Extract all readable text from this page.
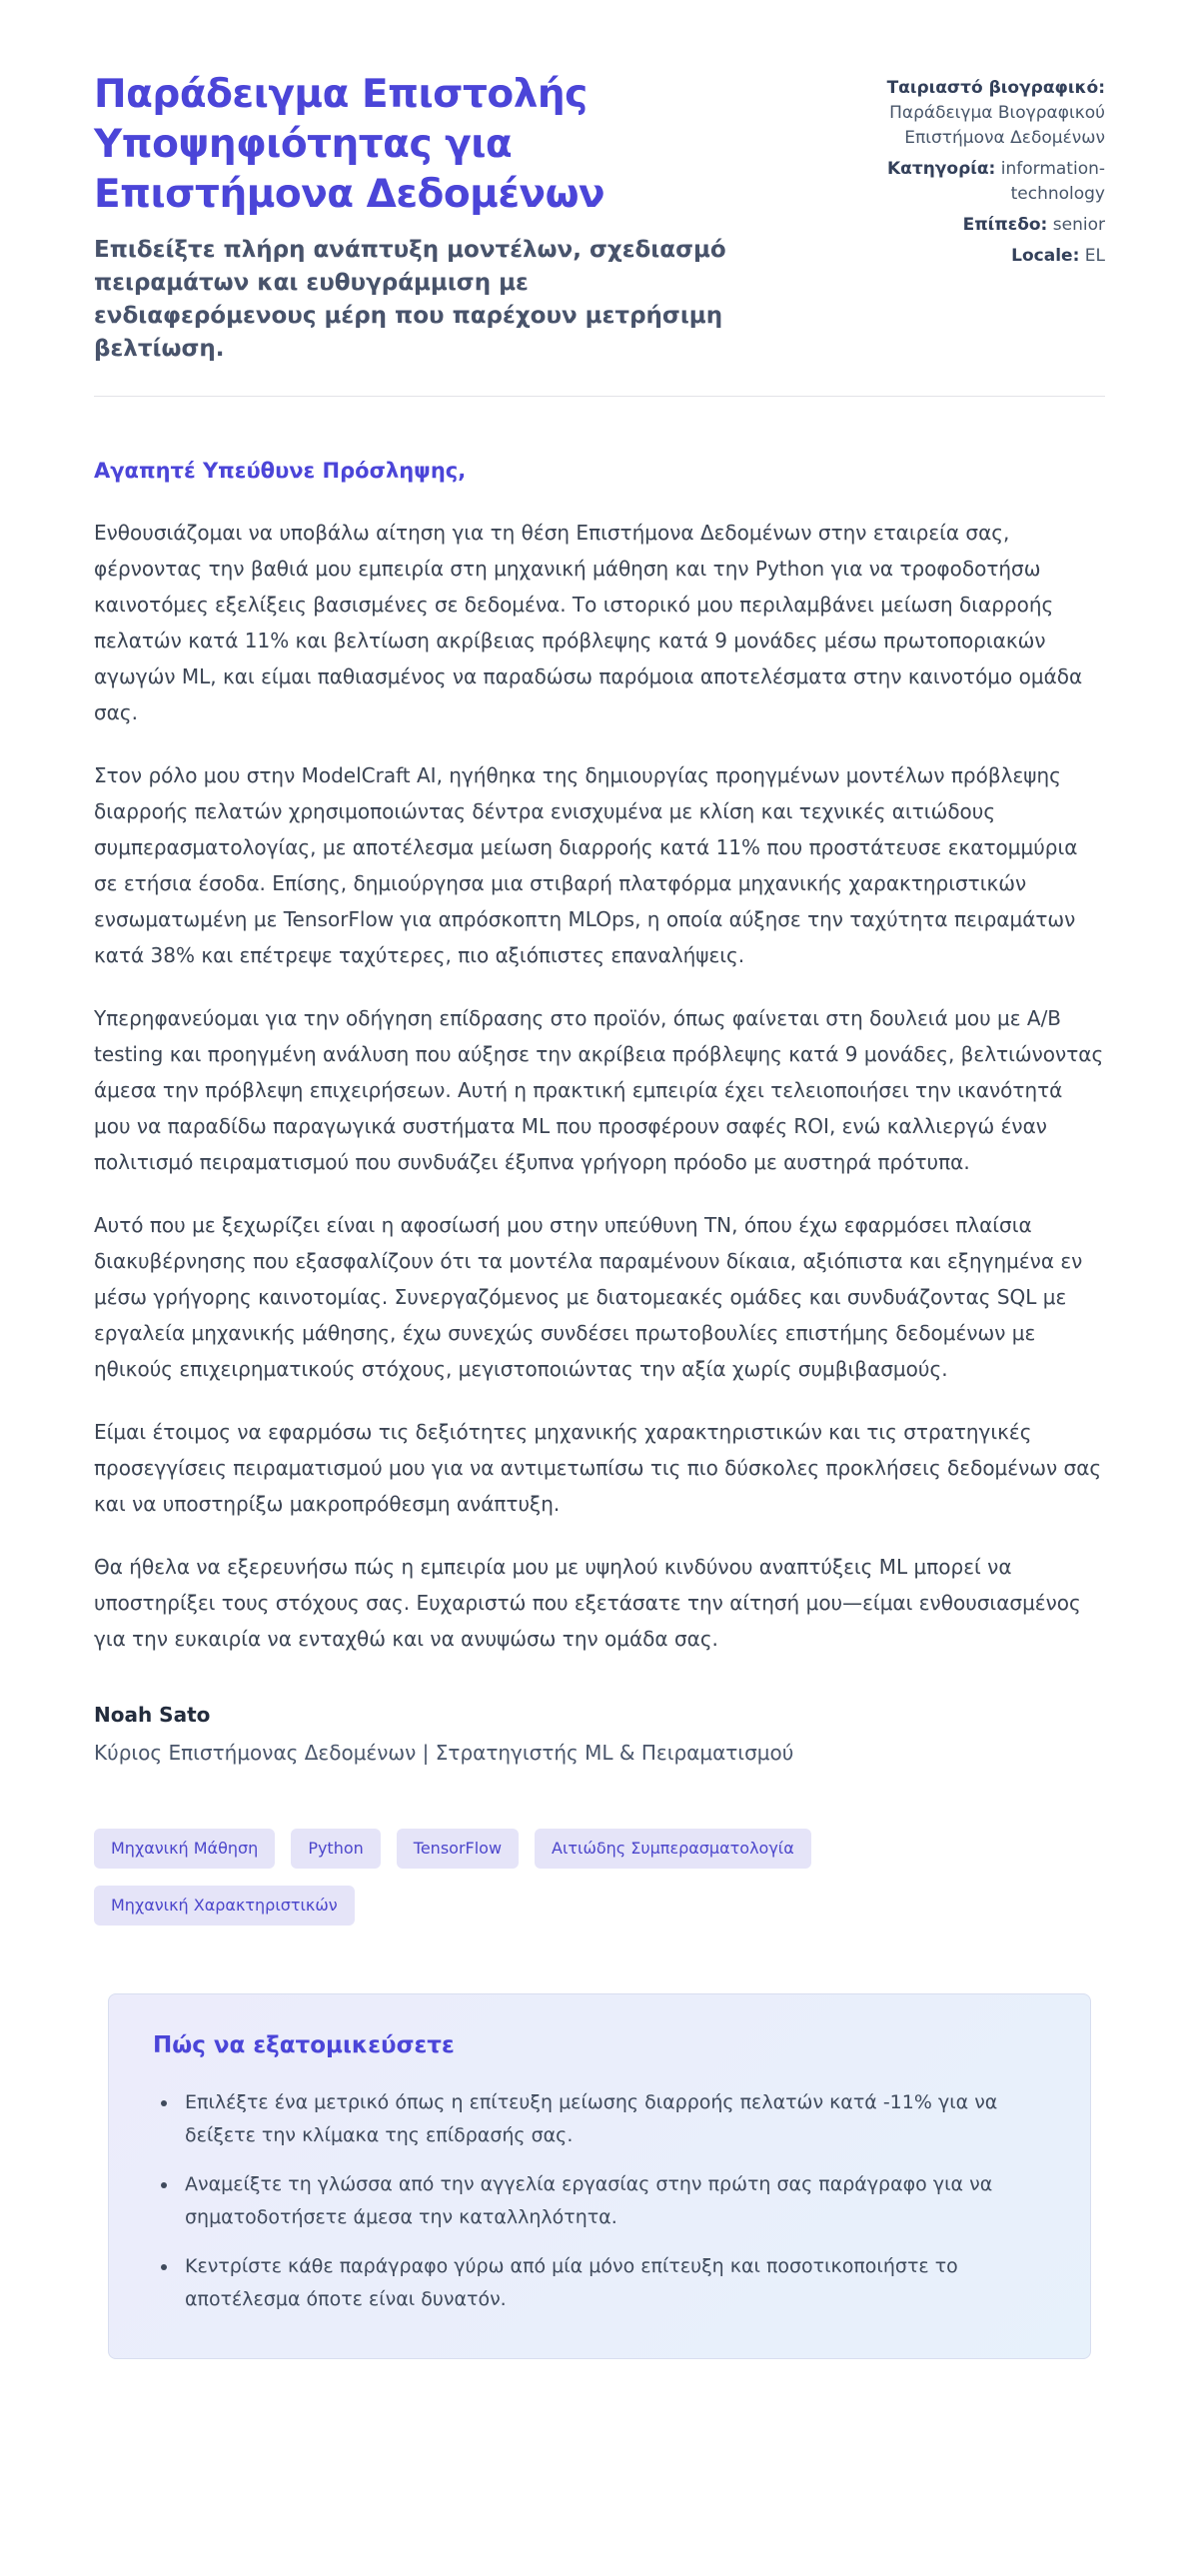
Παράδειγμα Επιστολής Υποψηφιότητας για Επιστήμονα Δεδομένων
Επιδείξτε πλήρη ανάπτυξη μοντέλων, σχεδιασμό πειραμάτων και ευθυγράμμιση με ενδιαφερόμενους μέρη που παρέχουν μετρήσιμη βελτίωση.
Ταιριαστό βιογραφικό: Παράδειγμα Βιογραφικού Επιστήμονα Δεδομένων
Κατηγορία: information-technology
Επίπεδο: senior
Locale: EL
Αγαπητέ Υπεύθυνε Πρόσληψης,

Ενθουσιάζομαι να υποβάλω αίτηση για τη θέση Επιστήμονα Δεδομένων στην εταιρεία σας, φέρνοντας την βαθιά μου εμπειρία στη μηχανική μάθηση και την Python για να τροφοδοτήσω καινοτόμες εξελίξεις βασισμένες σε δεδομένα. Το ιστορικό μου περιλαμβάνει μείωση διαρροής πελατών κατά 11% και βελτίωση ακρίβειας πρόβλεψης κατά 9 μονάδες μέσω πρωτοποριακών αγωγών ML, και είμαι παθιασμένος να παραδώσω παρόμοια αποτελέσματα στην καινοτόμο ομάδα σας.

Στον ρόλο μου στην ModelCraft AI, ηγήθηκα της δημιουργίας προηγμένων μοντέλων πρόβλεψης διαρροής πελατών χρησιμοποιώντας δέντρα ενισχυμένα με κλίση και τεχνικές αιτιώδους συμπερασματολογίας, με αποτέλεσμα μείωση διαρροής κατά 11% που προστάτευσε εκατομμύρια σε ετήσια έσοδα. Επίσης, δημιούργησα μια στιβαρή πλατφόρμα μηχανικής χαρακτηριστικών ενσωματωμένη με TensorFlow για απρόσκοπτη MLOps, η οποία αύξησε την ταχύτητα πειραμάτων κατά 38% και επέτρεψε ταχύτερες, πιο αξιόπιστες επαναλήψεις.

Υπερηφανεύομαι για την οδήγηση επίδρασης στο προϊόν, όπως φαίνεται στη δουλειά μου με A/B testing και προηγμένη ανάλυση που αύξησε την ακρίβεια πρόβλεψης κατά 9 μονάδες, βελτιώνοντας άμεσα την πρόβλεψη επιχειρήσεων. Αυτή η πρακτική εμπειρία έχει τελειοποιήσει την ικανότητά μου να παραδίδω παραγωγικά συστήματα ML που προσφέρουν σαφές ROI, ενώ καλλιεργώ έναν πολιτισμό πειραματισμού που συνδυάζει έξυπνα γρήγορη πρόοδο με αυστηρά πρότυπα.

Αυτό που με ξεχωρίζει είναι η αφοσίωσή μου στην υπεύθυνη ΤΝ, όπου έχω εφαρμόσει πλαίσια διακυβέρνησης που εξασφαλίζουν ότι τα μοντέλα παραμένουν δίκαια, αξιόπιστα και εξηγημένα εν μέσω γρήγορης καινοτομίας. Συνεργαζόμενος με διατομεακές ομάδες και συνδυάζοντας SQL με εργαλεία μηχανικής μάθησης, έχω συνεχώς συνδέσει πρωτοβουλίες επιστήμης δεδομένων με ηθικούς επιχειρηματικούς στόχους, μεγιστοποιώντας την αξία χωρίς συμβιβασμούς.

Είμαι έτοιμος να εφαρμόσω τις δεξιότητες μηχανικής χαρακτηριστικών και τις στρατηγικές προσεγγίσεις πειραματισμού μου για να αντιμετωπίσω τις πιο δύσκολες προκλήσεις δεδομένων σας και να υποστηρίξω μακροπρόθεσμη ανάπτυξη.

Θα ήθελα να εξερευνήσω πώς η εμπειρία μου με υψηλού κινδύνου αναπτύξεις ML μπορεί να υποστηρίξει τους στόχους σας. Ευχαριστώ που εξετάσατε την αίτησή μου—είμαι ενθουσιασμένος για την ευκαιρία να ενταχθώ και να ανυψώσω την ομάδα σας.

Noah Sato
Κύριος Επιστήμονας Δεδομένων | Στρατηγιστής ML & Πειραματισμού
Μηχανική Μάθηση	Python	TensorFlow	Αιτιώδης Συμπερασματολογία
Μηχανική Χαρακτηριστικών
Πώς να εξατομικεύσετε
• Επιλέξτε ένα μετρικό όπως η επίτευξη μείωσης διαρροής πελατών κατά -11% για να δείξετε την κλίμακα της επίδρασής σας.
• Αναμείξτε τη γλώσσα από την αγγελία εργασίας στην πρώτη σας παράγραφο για να σηματοδοτήσετε άμεσα την καταλληλότητα.
• Κεντρίστε κάθε παράγραφο γύρω από μία μόνο επίτευξη και ποσοτικοποιήστε το αποτέλεσμα όποτε είναι δυνατόν.
